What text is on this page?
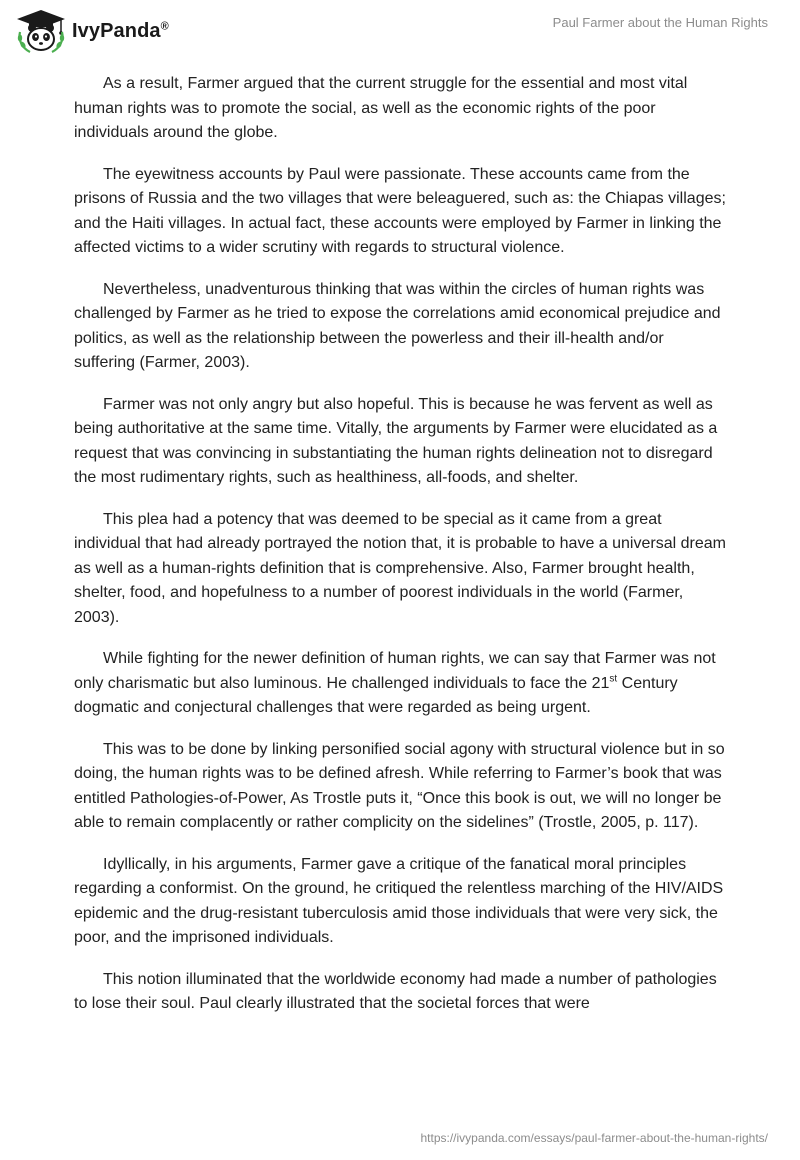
IvyPanda®	Paul Farmer about the Human Rights

As a result, Farmer argued that the current struggle for the essential and most vital human rights was to promote the social, as well as the economic rights of the poor individuals around the globe.

The eyewitness accounts by Paul were passionate. These accounts came from the prisons of Russia and the two villages that were beleaguered, such as: the Chiapas villages; and the Haiti villages. In actual fact, these accounts were employed by Farmer in linking the affected victims to a wider scrutiny with regards to structural violence.

Nevertheless, unadventurous thinking that was within the circles of human rights was challenged by Farmer as he tried to expose the correlations amid economical prejudice and politics, as well as the relationship between the powerless and their ill-health and/or suffering (Farmer, 2003).

Farmer was not only angry but also hopeful. This is because he was fervent as well as being authoritative at the same time. Vitally, the arguments by Farmer were elucidated as a request that was convincing in substantiating the human rights delineation not to disregard the most rudimentary rights, such as healthiness, all-foods, and shelter.

This plea had a potency that was deemed to be special as it came from a great individual that had already portrayed the notion that, it is probable to have a universal dream as well as a human-rights definition that is comprehensive. Also, Farmer brought health, shelter, food, and hopefulness to a number of poorest individuals in the world (Farmer, 2003).

While fighting for the newer definition of human rights, we can say that Farmer was not only charismatic but also luminous. He challenged individuals to face the 21st Century dogmatic and conjectural challenges that were regarded as being urgent.

This was to be done by linking personified social agony with structural violence but in so doing, the human rights was to be defined afresh. While referring to Farmer’s book that was entitled Pathologies-of-Power, As Trostle puts it, “Once this book is out, we will no longer be able to remain complacently or rather complicity on the sidelines” (Trostle, 2005, p. 117).

Idyllically, in his arguments, Farmer gave a critique of the fanatical moral principles regarding a conformist. On the ground, he critiqued the relentless marching of the HIV/AIDS epidemic and the drug-resistant tuberculosis amid those individuals that were very sick, the poor, and the imprisoned individuals.

This notion illuminated that the worldwide economy had made a number of pathologies to lose their soul. Paul clearly illustrated that the societal forces that were

https://ivypanda.com/essays/paul-farmer-about-the-human-rights/
